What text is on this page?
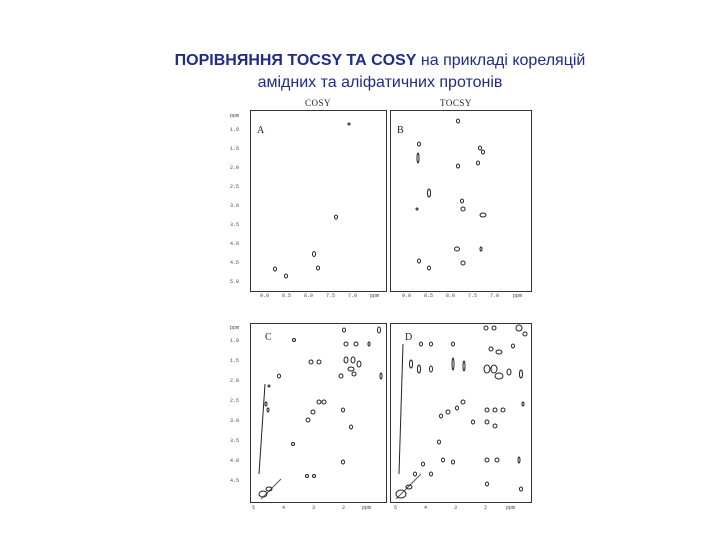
ПОРІВНЯННЯ TOCSY ТА COSY на прикладі кореляцій
амідних та аліфатичних протонів
COSY	TOCSY
ppm
1.0
1.5
2.0
2.5
3.0
3.5
4.0
4.5
5.0
A	B
9.0	8.5	8.0	7.5	7.0	ppm	9.0	8.5	8.0	7.5	7.0	ppm
ppm
1.0
1.5
2.0
2.5
3.0
3.5
4.0
4.5
C	D
5	4	3	2	ppm	5	4	3	2	ppm
